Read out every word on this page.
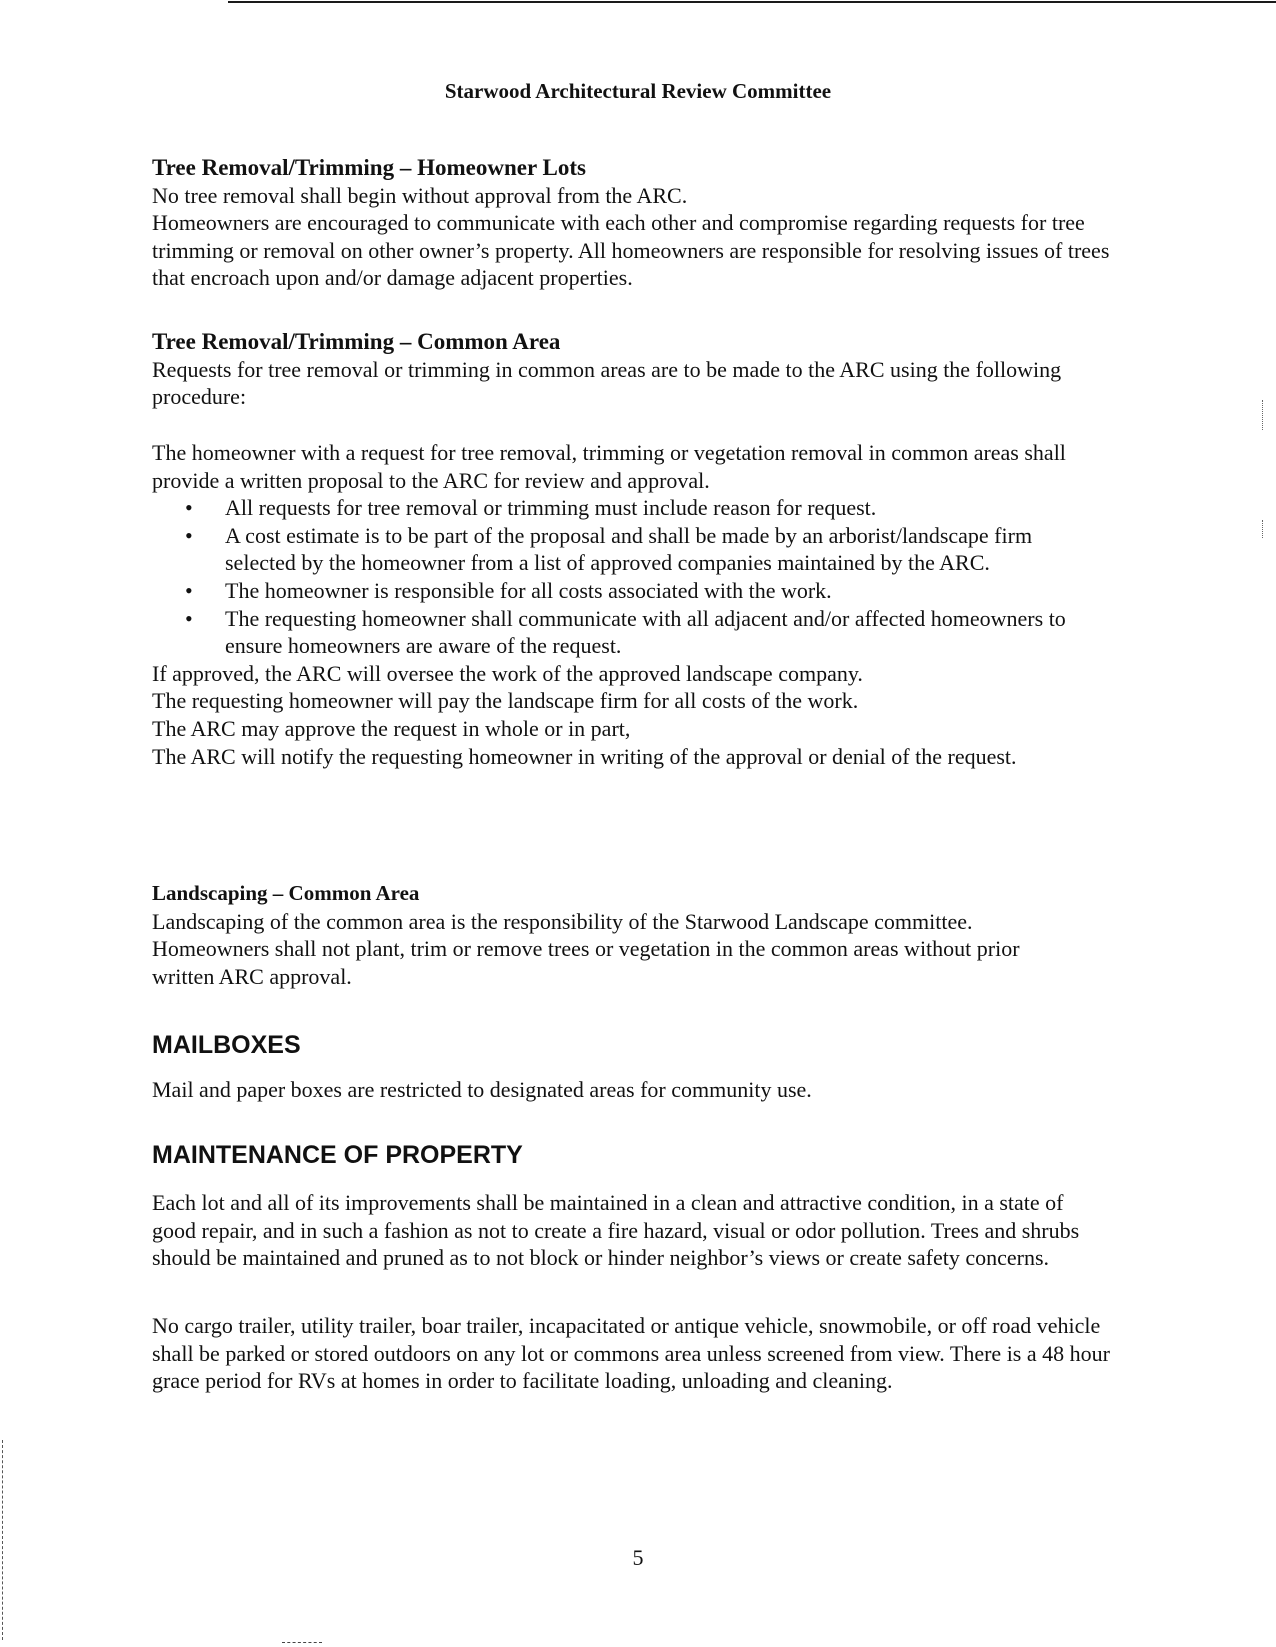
Starwood Architectural Review Committee

Tree Removal/Trimming – Homeowner Lots

No tree removal shall begin without approval from the ARC.

Homeowners are encouraged to communicate with each other and compromise regarding requests for tree trimming or removal on other owner’s property. All homeowners are responsible for resolving issues of trees that encroach upon and/or damage adjacent properties.

Tree Removal/Trimming – Common Area

Requests for tree removal or trimming in common areas are to be made to the ARC using the following procedure:

The homeowner with a request for tree removal, trimming or vegetation removal in common areas shall provide a written proposal to the ARC for review and approval.

• All requests for tree removal or trimming must include reason for request.
• A cost estimate is to be part of the proposal and shall be made by an arborist/landscape firm selected by the homeowner from a list of approved companies maintained by the ARC.
• The homeowner is responsible for all costs associated with the work.
• The requesting homeowner shall communicate with all adjacent and/or affected homeowners to ensure homeowners are aware of the request.

If approved, the ARC will oversee the work of the approved landscape company.

The requesting homeowner will pay the landscape firm for all costs of the work.

The ARC may approve the request in whole or in part,

The ARC will notify the requesting homeowner in writing of the approval or denial of the request.

Landscaping – Common Area

Landscaping of the common area is the responsibility of the Starwood Landscape committee. Homeowners shall not plant, trim or remove trees or vegetation in the common areas without prior written ARC approval.

MAILBOXES
Mail and paper boxes are restricted to designated areas for community use.
MAINTENANCE OF PROPERTY
Each lot and all of its improvements shall be maintained in a clean and attractive condition, in a state of good repair, and in such a fashion as not to create a fire hazard, visual or odor pollution. Trees and shrubs should be maintained and pruned as to not block or hinder neighbor’s views or create safety concerns.
No cargo trailer, utility trailer, boar trailer, incapacitated or antique vehicle, snowmobile, or off road vehicle shall be parked or stored outdoors on any lot or commons area unless screened from view. There is a 48 hour grace period for RVs at homes in order to facilitate loading, unloading and cleaning.
5
